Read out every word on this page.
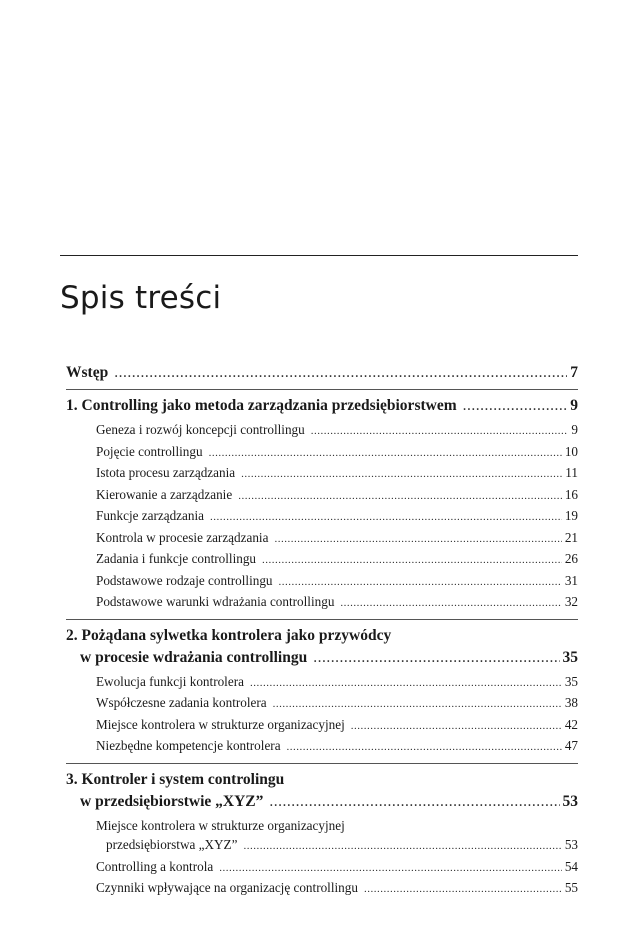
Spis treści
Wstęp .....	7
1. Controlling jako metoda zarządzania przedsiębiorstwem .....	9
Geneza i rozwój koncepcji controllingu .....	9
Pojęcie controllingu .....	10
Istota procesu zarządzania .....	11
Kierowanie a zarządzanie .....	16
Funkcje zarządzania .....	19
Kontrola w procesie zarządzania .....	21
Zadania i funkcje controllingu .....	26
Podstawowe rodzaje controllingu .....	31
Podstawowe warunki wdrażania controllingu .....	32
2. Pożądana sylwetka kontrolera jako przywódcy
w procesie wdrażania controllingu .....	35
Ewolucja funkcji kontrolera .....	35
Współczesne zadania kontrolera .....	38
Miejsce kontrolera w strukturze organizacyjnej .....	42
Niezbędne kompetencje kontrolera .....	47
3. Kontroler i system controlingu
w przedsiębiorstwie „XYZ” .....	53
Miejsce kontrolera w strukturze organizacyjnej
przedsiębiorstwa „XYZ” .....	53
Controlling a kontrola .....	54
Czynniki wpływające na organizację controllingu .....	55
